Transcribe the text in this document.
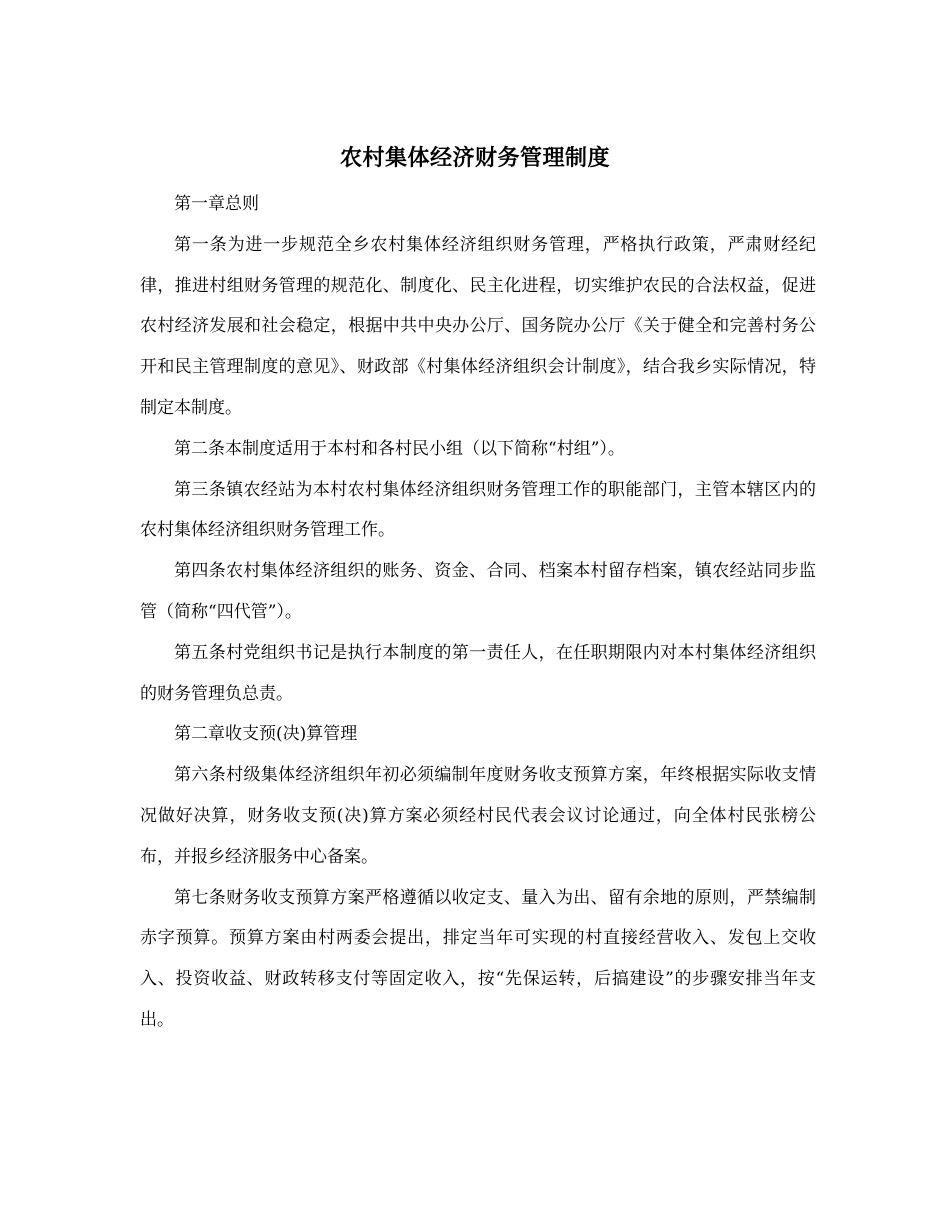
农村集体经济财务管理制度

第一章总则

第一条为进一步规范全乡农村集体经济组织财务管理，严格执行政策，严肃财经纪律，推进村组财务管理的规范化、制度化、民主化进程，切实维护农民的合法权益，促进农村经济发展和社会稳定，根据中共中央办公厅、国务院办公厅《关于健全和完善村务公开和民主管理制度的意见》、财政部《村集体经济组织会计制度》，结合我乡实际情况，特制定本制度。

第二条本制度适用于本村和各村民小组（以下简称“村组”）。

第三条镇农经站为本村农村集体经济组织财务管理工作的职能部门，主管本辖区内的农村集体经济组织财务管理工作。

第四条农村集体经济组织的账务、资金、合同、档案本村留存档案，镇农经站同步监管（简称“四代管”）。

第五条村党组织书记是执行本制度的第一责任人，在任职期限内对本村集体经济组织的财务管理负总责。

第二章收支预(决)算管理

第六条村级集体经济组织年初必须编制年度财务收支预算方案，年终根据实际收支情况做好决算，财务收支预(决)算方案必须经村民代表会议讨论通过，向全体村民张榜公布，并报乡经济服务中心备案。

第七条财务收支预算方案严格遵循以收定支、量入为出、留有余地的原则，严禁编制赤字预算。预算方案由村两委会提出，排定当年可实现的村直接经营收入、发包上交收入、投资收益、财政转移支付等固定收入，按“先保运转，后搞建设”的步骤安排当年支出。
